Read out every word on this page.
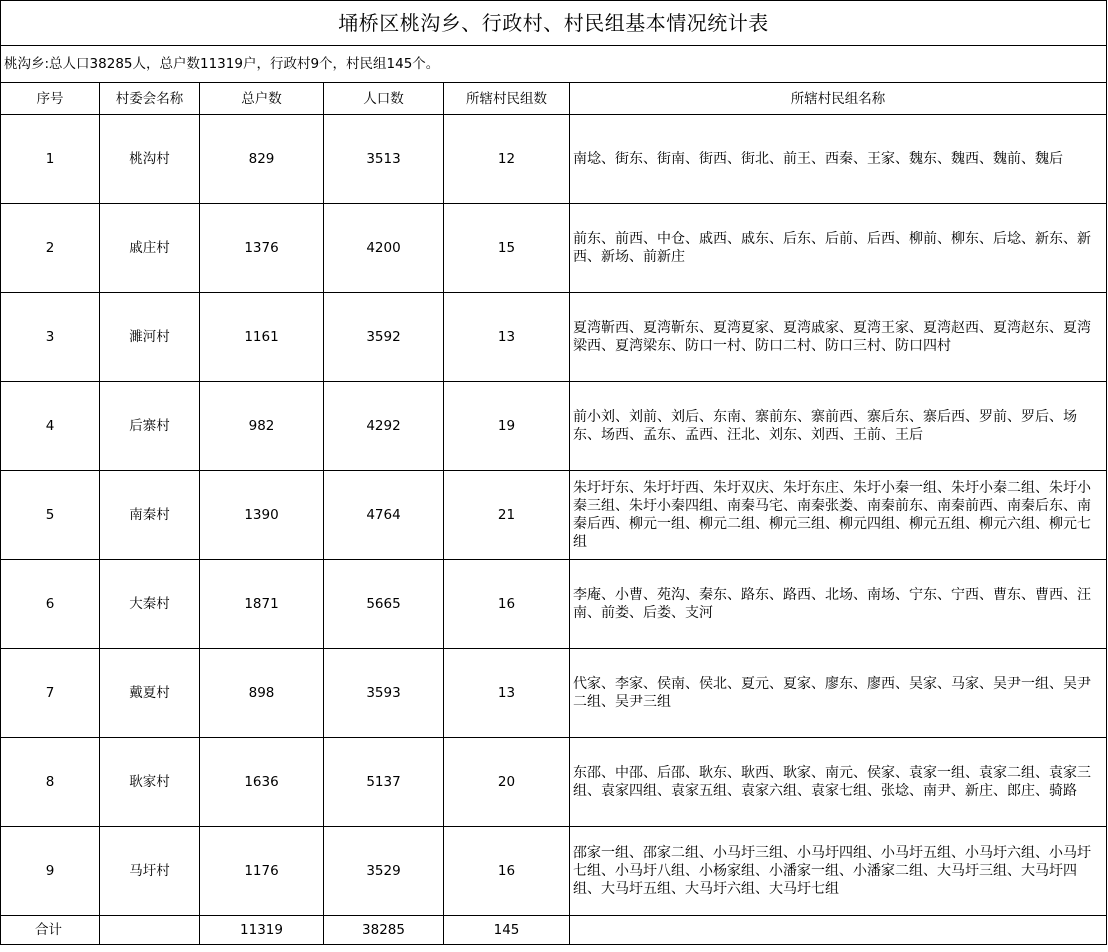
埇桥区桃沟乡、行政村、村民组基本情况统计表					
桃沟乡:总人口38285人，总户数11319户，行政村9个，村民组145个。					
序号	村委会名称	总户数	人口数	所辖村民组数	所辖村民组名称
1	桃沟村	829	3513	12	南埝、街东、街南、街西、街北、前王、西秦、王家、魏东、魏西、魏前、魏后
2	戚庄村	1376	4200	15	前东、前西、中仓、戚西、戚东、后东、后前、后西、柳前、柳东、后埝、新东、新西、新场、前新庄
3	濉河村	1161	3592	13	夏湾靳西、夏湾靳东、夏湾夏家、夏湾戚家、夏湾王家、夏湾赵西、夏湾赵东、夏湾梁西、夏湾梁东、防口一村、防口二村、防口三村、防口四村
4	后寨村	982	4292	19	前小刘、刘前、刘后、东南、寨前东、寨前西、寨后东、寨后西、罗前、罗后、场东、场西、孟东、孟西、汪北、刘东、刘西、王前、王后
5	南秦村	1390	4764	21	朱圩圩东、朱圩圩西、朱圩双庆、朱圩东庄、朱圩小秦一组、朱圩小秦二组、朱圩小秦三组、朱圩小秦四组、南秦马宅、南秦张娄、南秦前东、南秦前西、南秦后东、南秦后西、柳元一组、柳元二组、柳元三组、柳元四组、柳元五组、柳元六组、柳元七组
6	大秦村	1871	5665	16	李庵、小曹、苑沟、秦东、路东、路西、北场、南场、宁东、宁西、曹东、曹西、汪南、前娄、后娄、支河
7	戴夏村	898	3593	13	代家、李家、侯南、侯北、夏元、夏家、廖东、廖西、吴家、马家、吴尹一组、吴尹二组、吴尹三组
8	耿家村	1636	5137	20	东邵、中邵、后邵、耿东、耿西、耿家、南元、侯家、袁家一组、袁家二组、袁家三组、袁家四组、袁家五组、袁家六组、袁家七组、张埝、南尹、新庄、郎庄、骑路
9	马圩村	1176	3529	16	邵家一组、邵家二组、小马圩三组、小马圩四组、小马圩五组、小马圩六组、小马圩七组、小马圩八组、小杨家组、小潘家一组、小潘家二组、大马圩三组、大马圩四组、大马圩五组、大马圩六组、大马圩七组
合计		11319	38285	145	
